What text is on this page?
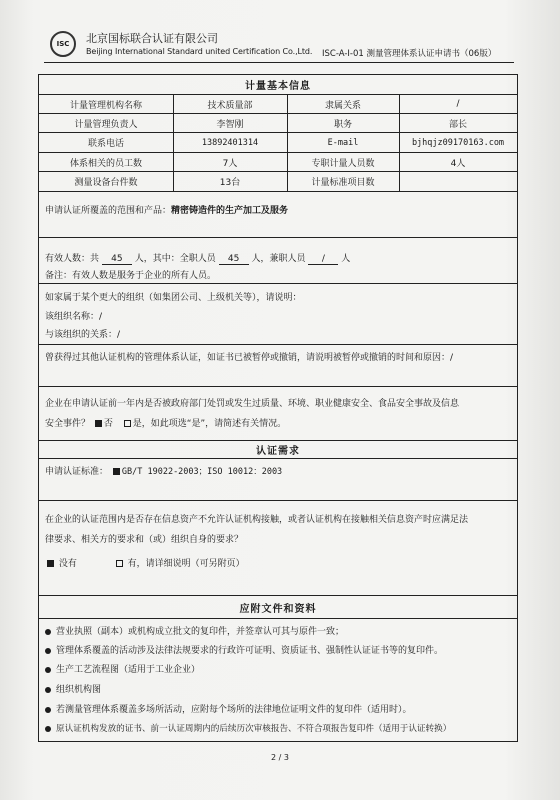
ISC	北京国标联合认证有限公司
Beijing International Standard united Certification Co.,Ltd. ISC-A-I-01 测量管理体系认证申请书（06版）
计量基本信息
计量管理机构名称	技术质量部	隶属关系	/
计量管理负责人	李智刚	职务	部长
联系电话	13892401314	E-mail	bjhqjz09170163.com
体系相关的员工数	7人	专职计量人员数	4人
测量设备台件数	13台	计量标准项目数
申请认证所覆盖的范围和产品：精密铸造件的生产加工及服务
有效人数：共 45 人，其中：全职人员 45 人，兼职人员 / 人
备注：有效人数是服务于企业的所有人员。
如家属于某个更大的组织（如集团公司、上级机关等），请说明：
该组织名称：/
与该组织的关系：/
曾获得过其他认证机构的管理体系认证，如证书已被暂停或撤销，请说明被暂停或撤销的时间和原因：/
企业在申请认证前一年内是否被政府部门处罚或发生过质量、环境、职业健康安全、食品安全事故及信息
安全事件？ 否 是，如此项选“是”，请简述有关情况。
认证需求
申请认证标准： GB/T 19022-2003；ISO 10012：2003
在企业的认证范围内是否存在信息资产不允许认证机构接触，或者认证机构在接触相关信息资产时应满足法
律要求、相关方的要求和（或）组织自身的要求？
没有	有，请详细说明（可另附页）
应附文件和资料
营业执照（副本）或机构成立批文的复印件，并签章认可其与原件一致；
管理体系覆盖的活动涉及法律法规要求的行政许可证明、资质证书、强制性认证证书等的复印件。
生产工艺流程图（适用于工业企业）
组织机构图
若测量管理体系覆盖多场所活动，应附每个场所的法律地位证明文件的复印件（适用时）。
原认证机构发放的证书、前一认证周期内的后续历次审核报告、不符合项报告复印件（适用于认证转换）
2 / 3
